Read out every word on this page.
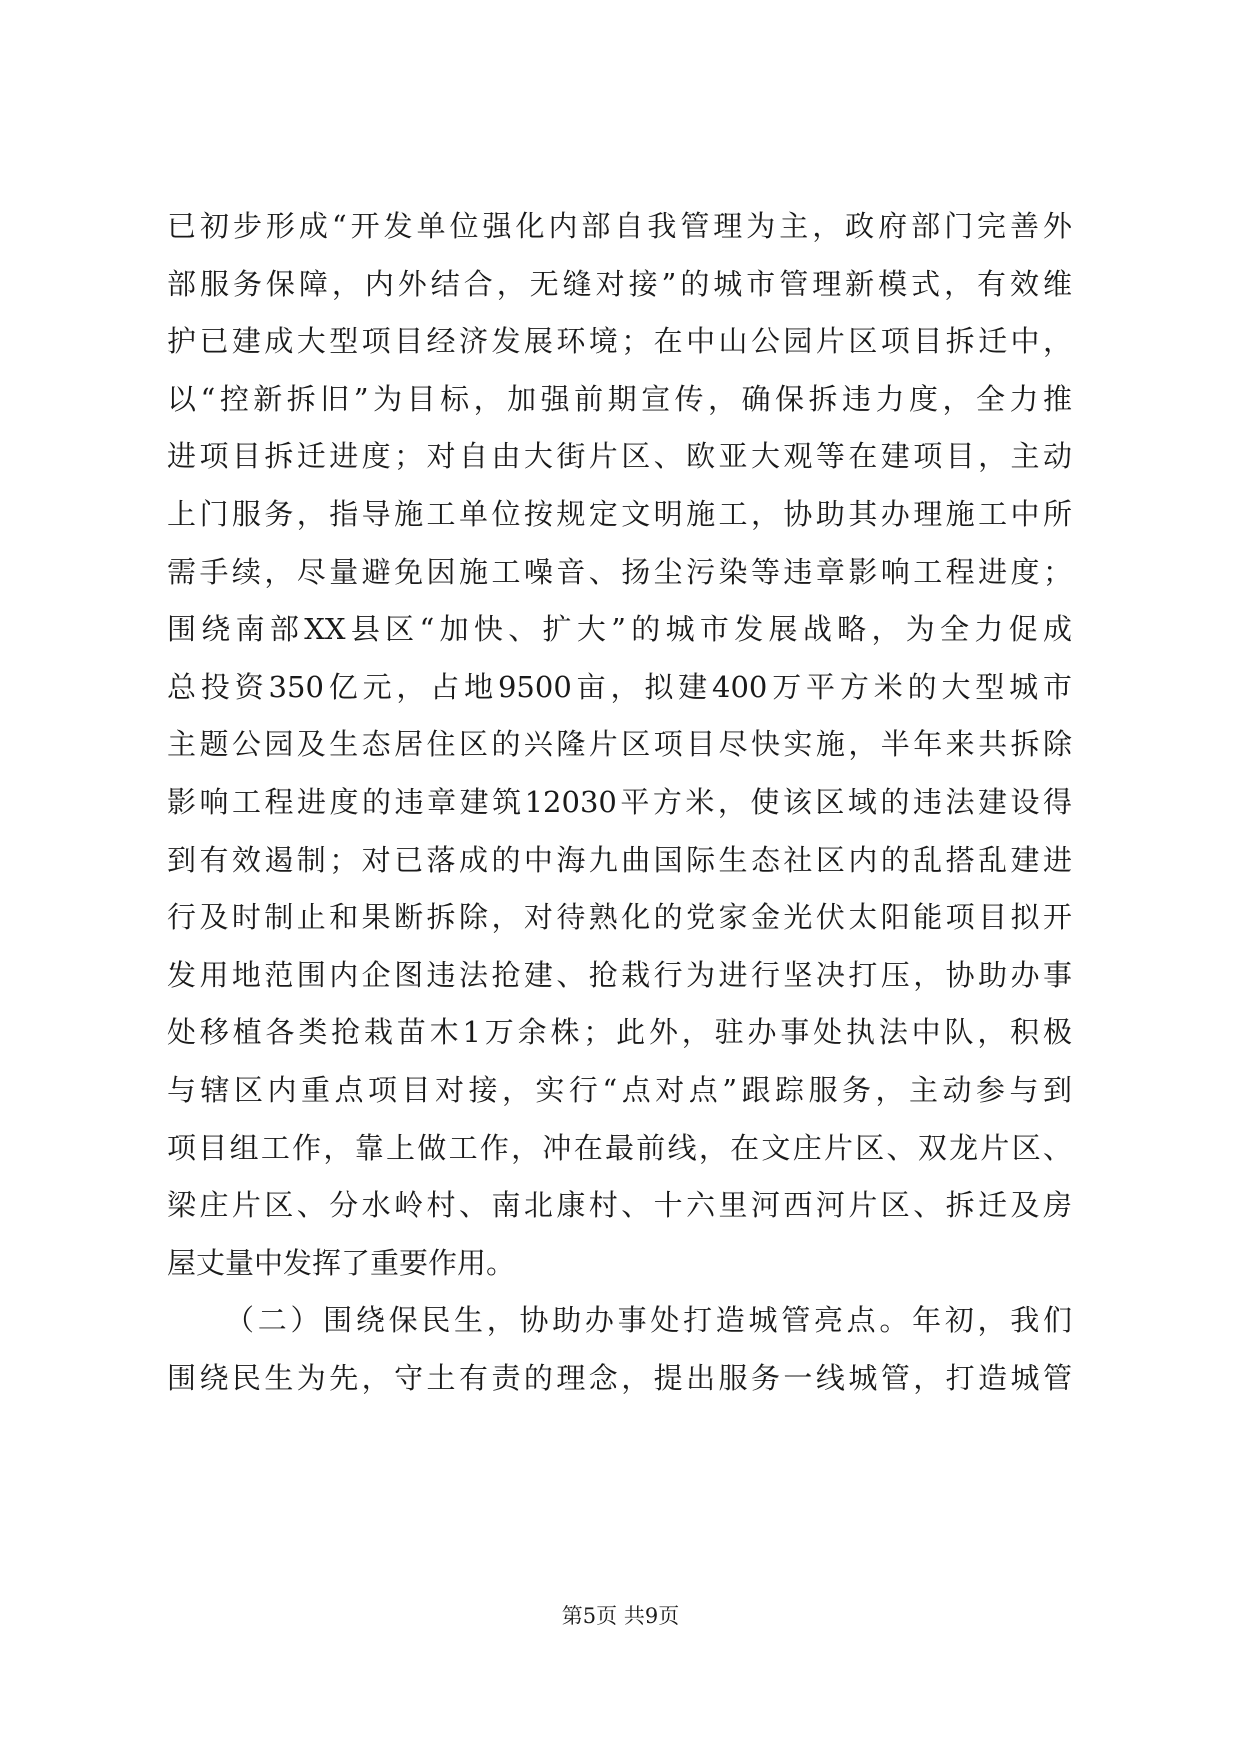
已初步形成“开发单位强化内部自我管理为主，政府部门完善外
部服务保障，内外结合，无缝对接”的城市管理新模式，有效维
护已建成大型项目经济发展环境；在中山公园片区项目拆迁中，
以“控新拆旧”为目标，加强前期宣传，确保拆违力度，全力推
进项目拆迁进度；对自由大街片区、欧亚大观等在建项目，主动
上门服务，指导施工单位按规定文明施工，协助其办理施工中所
需手续，尽量避免因施工噪音、扬尘污染等违章影响工程进度；
围绕南部XX县区“加快、扩大”的城市发展战略，为全力促成
总投资350亿元，占地9500亩，拟建400万平方米的大型城市
主题公园及生态居住区的兴隆片区项目尽快实施，半年来共拆除
影响工程进度的违章建筑12030平方米，使该区域的违法建设得
到有效遏制；对已落成的中海九曲国际生态社区内的乱搭乱建进
行及时制止和果断拆除，对待熟化的党家金光伏太阳能项目拟开
发用地范围内企图违法抢建、抢栽行为进行坚决打压，协助办事
处移植各类抢栽苗木1万余株；此外，驻办事处执法中队，积极
与辖区内重点项目对接，实行“点对点”跟踪服务，主动参与到
项目组工作，靠上做工作，冲在最前线，在文庄片区、双龙片区、
梁庄片区、分水岭村、南北康村、十六里河西河片区、拆迁及房
屋丈量中发挥了重要作用。
（二）围绕保民生，协助办事处打造城管亮点。年初，我们
围绕民生为先，守土有责的理念，提出服务一线城管，打造城管
第5页 共9页
